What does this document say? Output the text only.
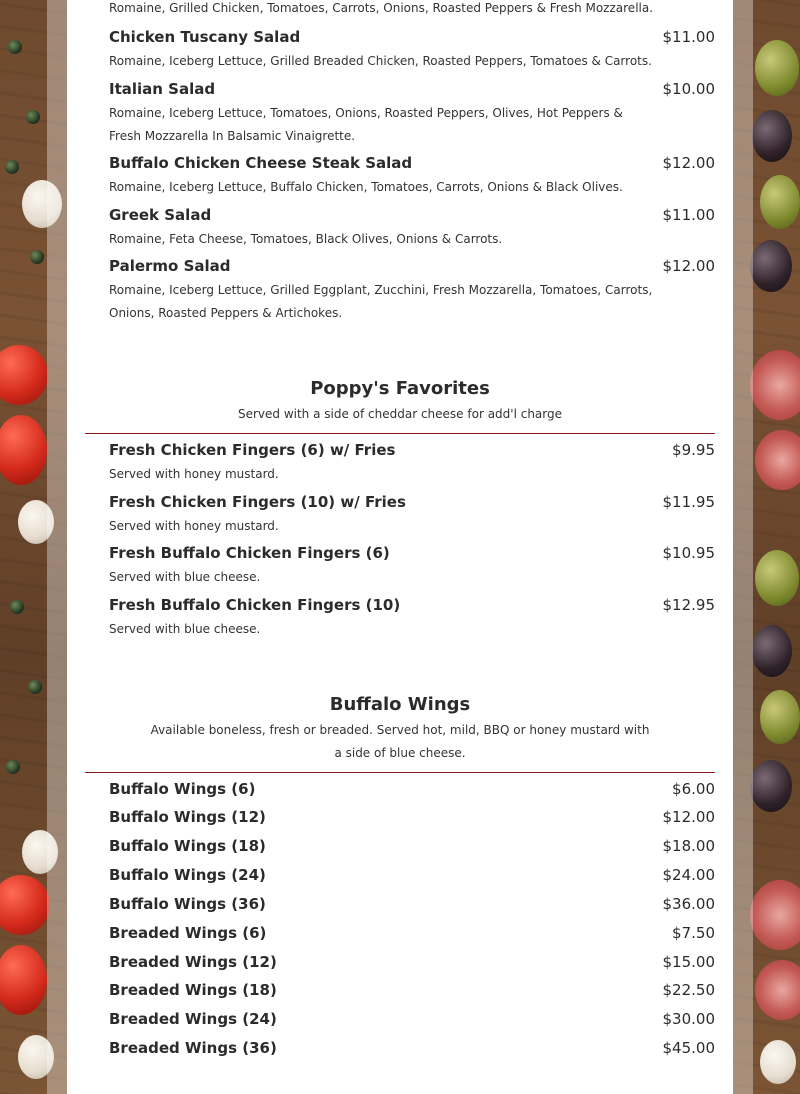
Romaine, Grilled Chicken, Tomatoes, Carrots, Onions, Roasted Peppers & Fresh Mozzarella.
Chicken Tuscany Salad	$11.00
Romaine, Iceberg Lettuce, Grilled Breaded Chicken, Roasted Peppers, Tomatoes & Carrots.
Italian Salad	$10.00
Romaine, Iceberg Lettuce, Tomatoes, Onions, Roasted Peppers, Olives, Hot Peppers & Fresh Mozzarella In Balsamic Vinaigrette.
Buffalo Chicken Cheese Steak Salad	$12.00
Romaine, Iceberg Lettuce, Buffalo Chicken, Tomatoes, Carrots, Onions & Black Olives.
Greek Salad	$11.00
Romaine, Feta Cheese, Tomatoes, Black Olives, Onions & Carrots.
Palermo Salad	$12.00
Romaine, Iceberg Lettuce, Grilled Eggplant, Zucchini, Fresh Mozzarella, Tomatoes, Carrots, Onions, Roasted Peppers & Artichokes.
Poppy's Favorites
Served with a side of cheddar cheese for add'l charge
Fresh Chicken Fingers (6) w/ Fries	$9.95
Served with honey mustard.
Fresh Chicken Fingers (10) w/ Fries	$11.95
Served with honey mustard.
Fresh Buffalo Chicken Fingers (6)	$10.95
Served with blue cheese.
Fresh Buffalo Chicken Fingers (10)	$12.95
Served with blue cheese.
Buffalo Wings
Available boneless, fresh or breaded. Served hot, mild, BBQ or honey mustard with a side of blue cheese.
Buffalo Wings (6)	$6.00
Buffalo Wings (12)	$12.00
Buffalo Wings (18)	$18.00
Buffalo Wings (24)	$24.00
Buffalo Wings (36)	$36.00
Breaded Wings (6)	$7.50
Breaded Wings (12)	$15.00
Breaded Wings (18)	$22.50
Breaded Wings (24)	$30.00
Breaded Wings (36)	$45.00
